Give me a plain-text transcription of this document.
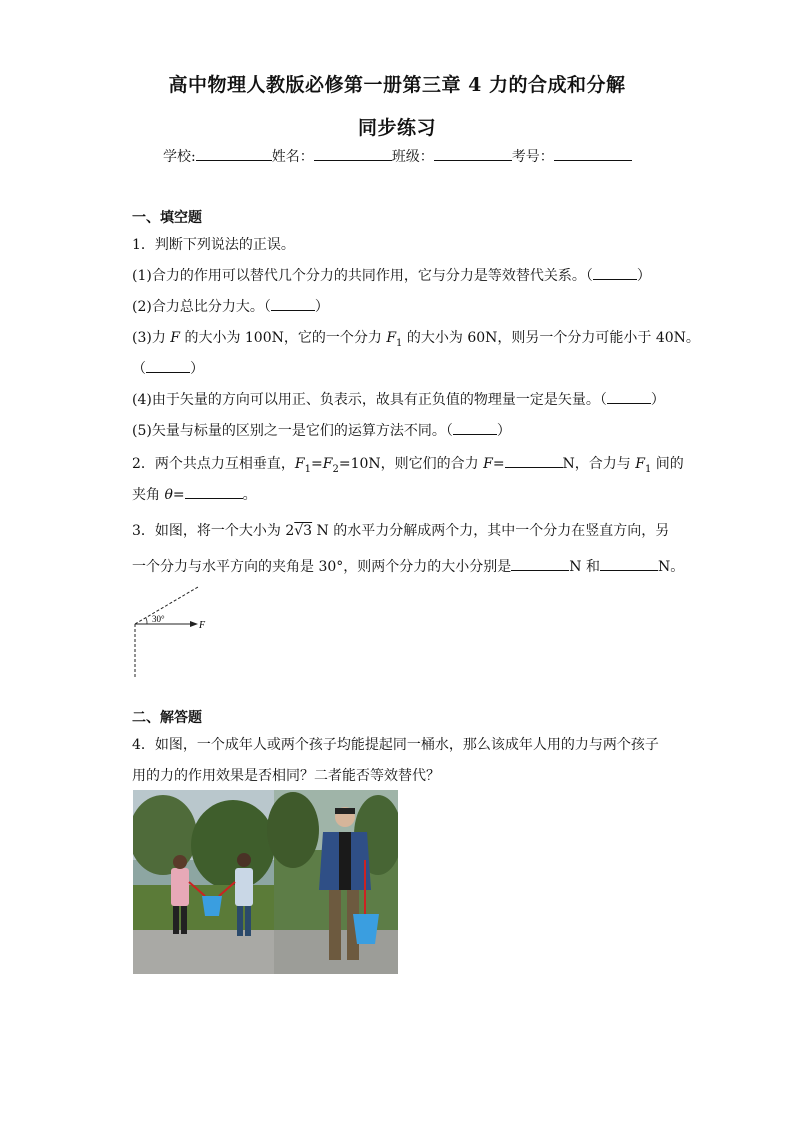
高中物理人教版必修第一册第三章 4 力的合成和分解
同步练习
学校:	姓名：	班级：	考号：
一、填空题
1．判断下列说法的正误。
(1)合力的作用可以替代几个分力的共同作用，它与分力是等效替代关系。（	）
(2)合力总比分力大。（	）
(3)力 F 的大小为 100N，它的一个分力 $F_1$ 的大小为 60N，则另一个分力可能小于 40N。
（	）
(4)由于矢量的方向可以用正、负表示，故具有正负值的物理量一定是矢量。（	）
(5)矢量与标量的区别之一是它们的运算方法不同。（	）
2．两个共点力互相垂直，$F_1=F_2=10N$，则它们的合力 F=	N，合力与 $F_1$ 间的
夹角 θ=	。
3．如图，将一个大小为 2√3 N 的水平力分解成两个力，其中一个分力在竖直方向，另
一个分力与水平方向的夹角是 30°，则两个分力的大小分别是	N 和	N。
30°
F
二、解答题
4．如图，一个成年人或两个孩子均能提起同一桶水，那么该成年人用的力与两个孩子
用的力的作用效果是否相同？二者能否等效替代？
